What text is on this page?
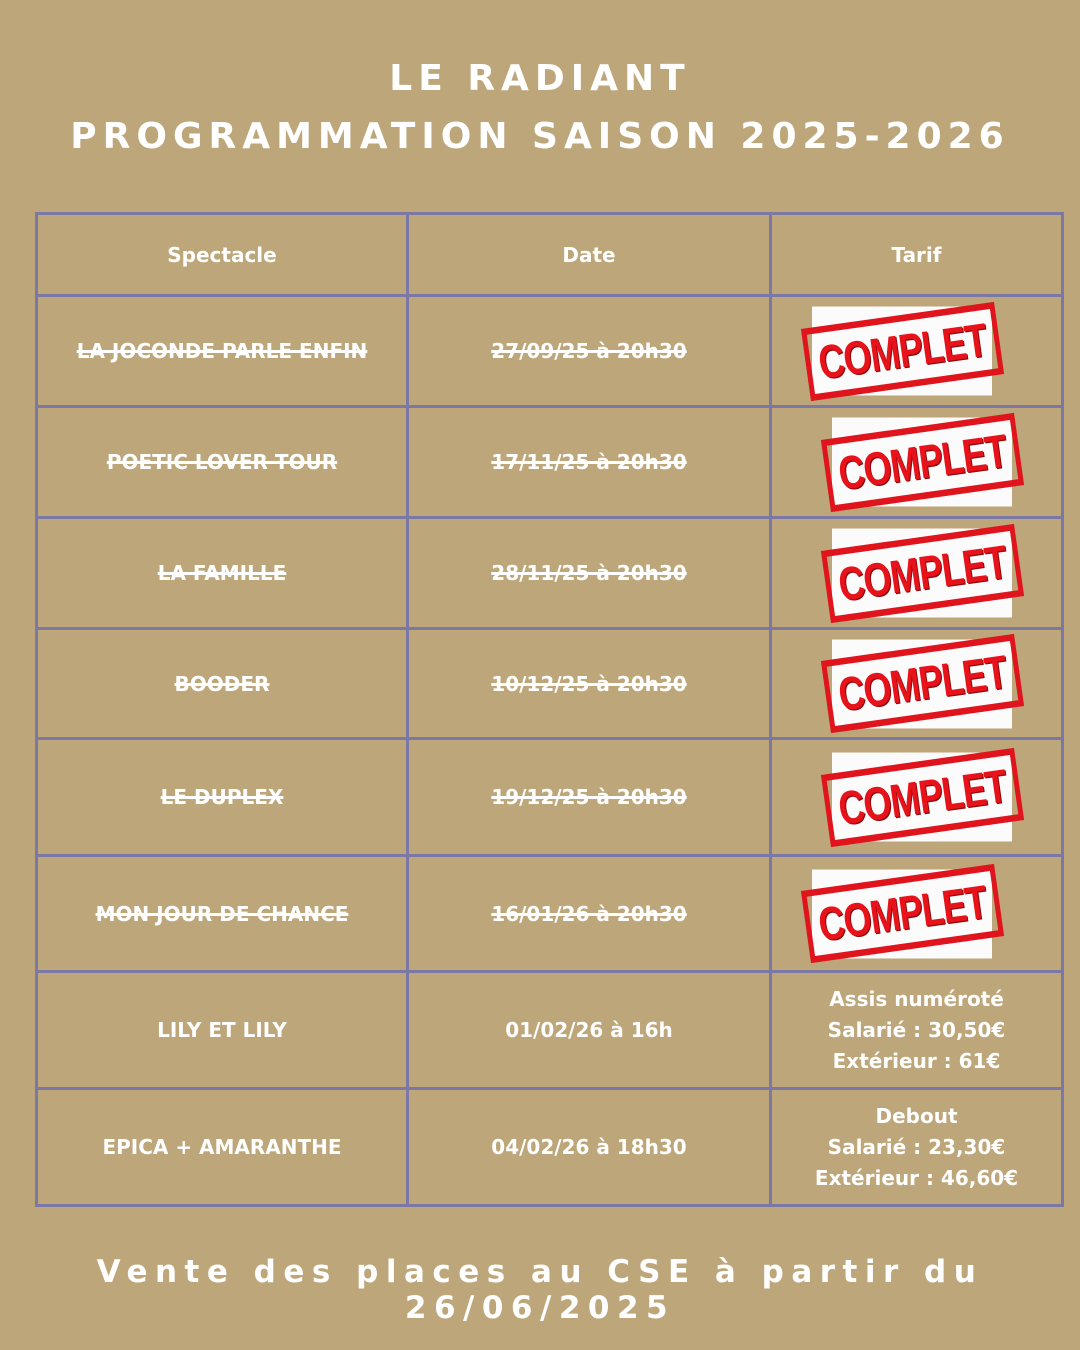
LE RADIANT
PROGRAMMATION SAISON 2025-2026
Spectacle	Date	Tarif
LA JOCONDE PARLE ENFIN	27/09/25 à 20h30	COMPLET

POETIC LOVER TOUR	17/11/25 à 20h30	COMPLET

LA FAMILLE	28/11/25 à 20h30	COMPLET

BOODER	10/12/25 à 20h30	COMPLET

LE DUPLEX	19/12/25 à 20h30	COMPLET

MON JOUR DE CHANCE	16/01/26 à 20h30	COMPLET

LILY ET LILY	01/02/26 à 16h	Assis numéroté
Salarié : 30,50€
Extérieur : 61€

EPICA + AMARANTHE	04/02/26 à 18h30	Debout
Salarié : 23,30€
Extérieur : 46,60€
Vente des places au CSE à partir du 26/06/2025
